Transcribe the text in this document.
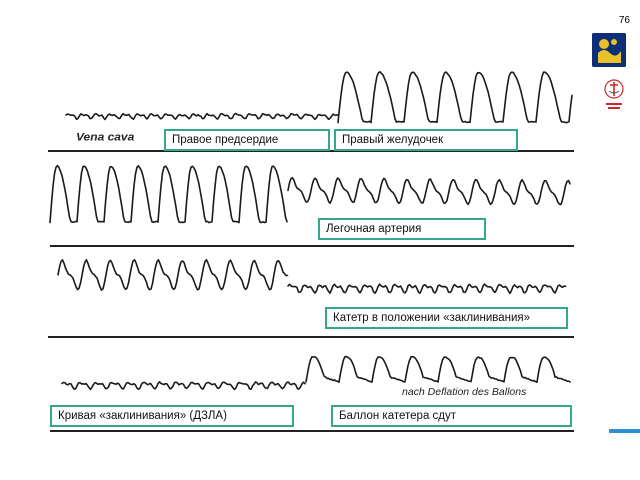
76
Vena cava
nach Deflation des Ballons
Правое предсердие	Правый желудочек
Легочная артерия
Катетр в положении «заклинивания»
Кривая «заклинивания» (ДЗЛА)	Баллон катетера сдут
